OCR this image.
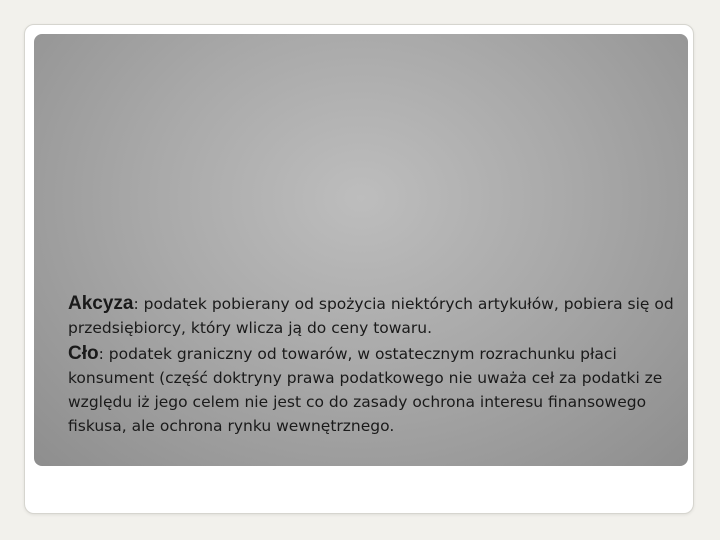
Akcyza: podatek pobierany od spożycia niektórych artykułów, pobiera się od przedsiębiorcy, który wlicza ją do ceny towaru.

Cło: podatek graniczny od towarów, w ostatecznym rozrachunku płaci konsument (część doktryny prawa podatkowego nie uważa ceł za podatki ze względu iż jego celem nie jest co do zasady ochrona interesu finansowego fiskusa, ale ochrona rynku wewnętrznego.
